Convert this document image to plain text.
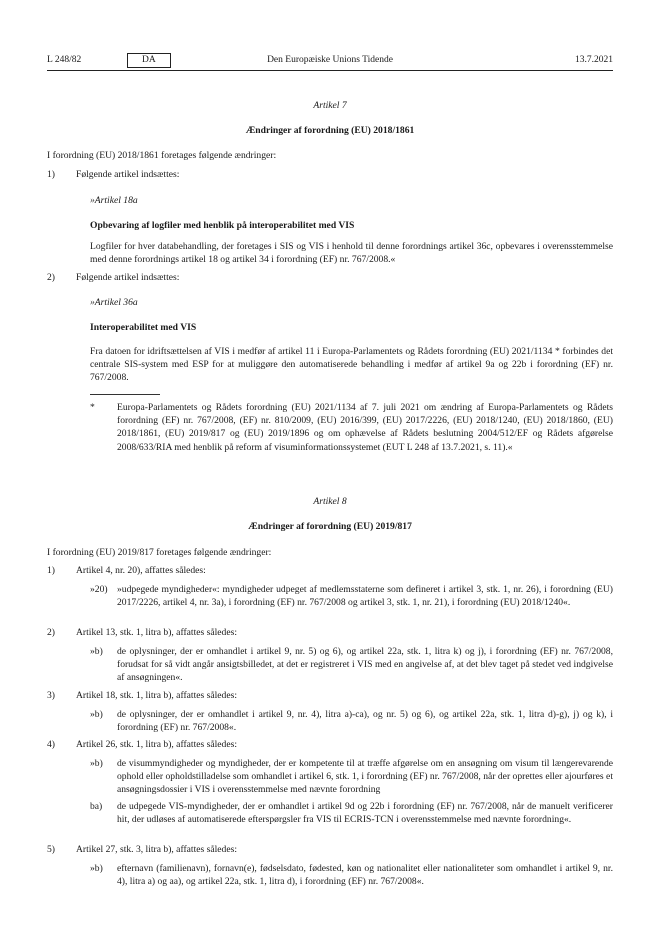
L 248/82	DA	Den Europæiske Unions Tidende	13.7.2021
Artikel 7
Ændringer af forordning (EU) 2018/1861
I forordning (EU) 2018/1861 foretages følgende ændringer:
1) Følgende artikel indsættes:
»Artikel 18a
Opbevaring af logfiler med henblik på interoperabilitet med VIS
Logfiler for hver databehandling, der foretages i SIS og VIS i henhold til denne forordnings artikel 36c, opbevares i overensstemmelse med denne forordnings artikel 18 og artikel 34 i forordning (EF) nr. 767/2008.«
2) Følgende artikel indsættes:
»Artikel 36a
Interoperabilitet med VIS
Fra datoen for idriftsættelsen af VIS i medfør af artikel 11 i Europa-Parlamentets og Rådets forordning (EU) 2021/1134 * forbindes det centrale SIS-system med ESP for at muliggøre den automatiserede behandling i medfør af artikel 9a og 22b i forordning (EF) nr. 767/2008.
* Europa-Parlamentets og Rådets forordning (EU) 2021/1134 af 7. juli 2021 om ændring af Europa-Parlamentets og Rådets forordning (EF) nr. 767/2008, (EF) nr. 810/2009, (EU) 2016/399, (EU) 2017/2226, (EU) 2018/1240, (EU) 2018/1860, (EU) 2018/1861, (EU) 2019/817 og (EU) 2019/1896 og om ophævelse af Rådets beslutning 2004/512/EF og Rådets afgørelse 2008/633/RIA med henblik på reform af visuminformationssystemet (EUT L 248 af 13.7.2021, s. 11).«
Artikel 8
Ændringer af forordning (EU) 2019/817
I forordning (EU) 2019/817 foretages følgende ændringer:
1) Artikel 4, nr. 20), affattes således:
»20) »udpegede myndigheder«: myndigheder udpeget af medlemsstaterne som defineret i artikel 3, stk. 1, nr. 26), i forordning (EU) 2017/2226, artikel 4, nr. 3a), i forordning (EF) nr. 767/2008 og artikel 3, stk. 1, nr. 21), i forordning (EU) 2018/1240«.
2) Artikel 13, stk. 1, litra b), affattes således:
»b) de oplysninger, der er omhandlet i artikel 9, nr. 5) og 6), og artikel 22a, stk. 1, litra k) og j), i forordning (EF) nr. 767/2008, forudsat for så vidt angår ansigtsbilledet, at det er registreret i VIS med en angivelse af, at det blev taget på stedet ved indgivelse af ansøgningen«.
3) Artikel 18, stk. 1, litra b), affattes således:
»b) de oplysninger, der er omhandlet i artikel 9, nr. 4), litra a)-ca), og nr. 5) og 6), og artikel 22a, stk. 1, litra d)-g), j) og k), i forordning (EF) nr. 767/2008«.
4) Artikel 26, stk. 1, litra b), affattes således:
»b) de visummyndigheder og myndigheder, der er kompetente til at træffe afgørelse om en ansøgning om visum til længerevarende ophold eller opholdstilladelse som omhandlet i artikel 6, stk. 1, i forordning (EF) nr. 767/2008, når der oprettes eller ajourføres et ansøgningsdossier i VIS i overensstemmelse med nævnte forordning
ba) de udpegede VIS-myndigheder, der er omhandlet i artikel 9d og 22b i forordning (EF) nr. 767/2008, når de manuelt verificerer hit, der udløses af automatiserede efterspørgsler fra VIS til ECRIS-TCN i overensstemmelse med nævnte forordning«.
5) Artikel 27, stk. 3, litra b), affattes således:
»b) efternavn (familienavn), fornavn(e), fødselsdato, fødested, køn og nationalitet eller nationaliteter som omhandlet i artikel 9, nr. 4), litra a) og aa), og artikel 22a, stk. 1, litra d), i forordning (EF) nr. 767/2008«.
